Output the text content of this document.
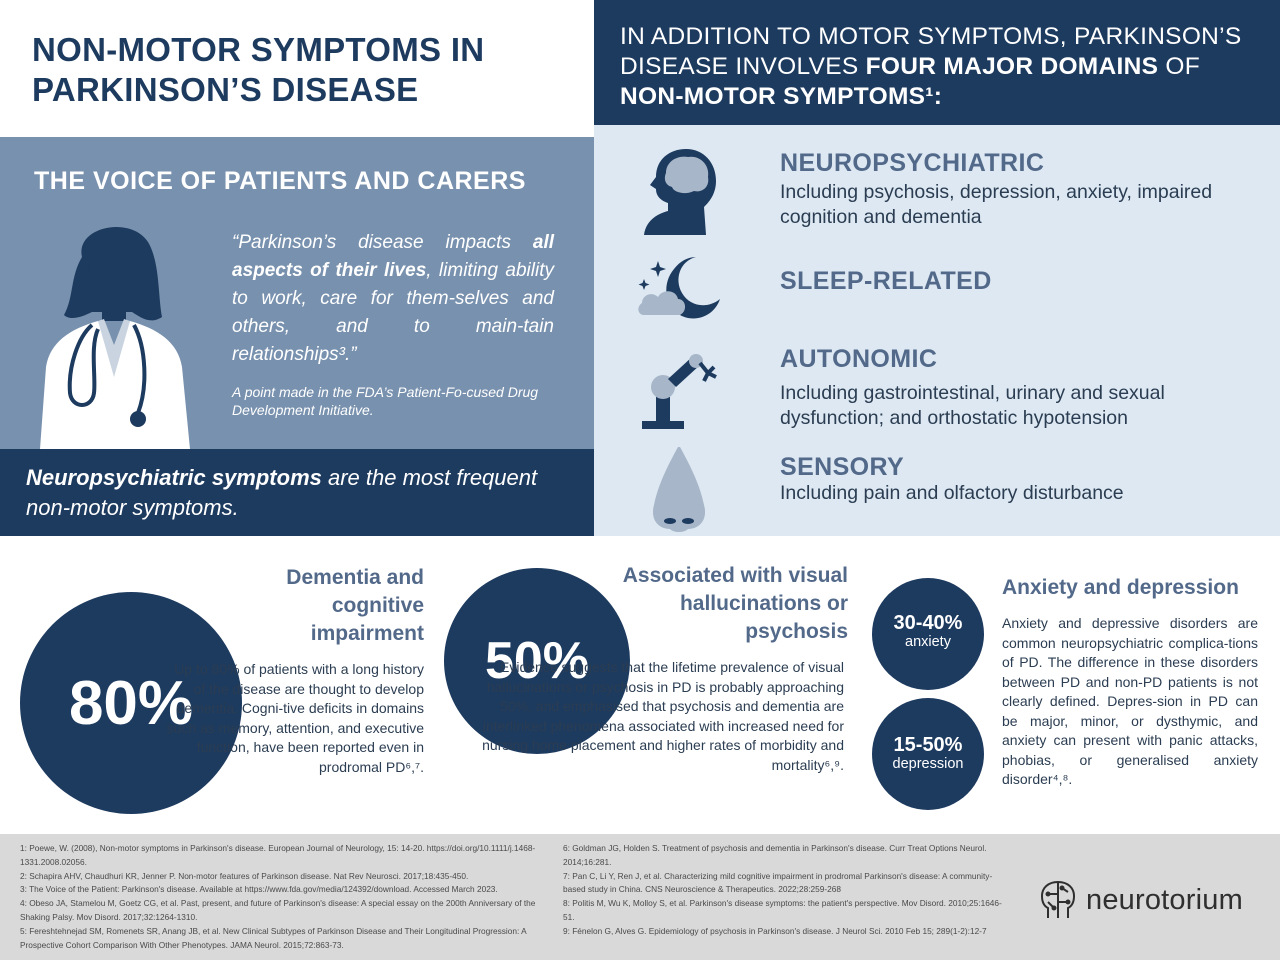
NON-MOTOR SYMPTOMS IN PARKINSON’S DISEASE
IN ADDITION TO MOTOR SYMPTOMS, PARKINSON’S DISEASE INVOLVES FOUR MAJOR DOMAINS OF NON-MOTOR SYMPTOMS¹:
THE VOICE OF PATIENTS AND CARERS
“Parkinson’s disease impacts all aspects of their lives, limiting ability to work, care for them-selves and others, and to main-tain relationships³.”
A point made in the FDA’s Patient-Fo-cused Drug Development Initiative.
Neuropsychiatric symptoms are the most frequent non-motor symptoms.
NEUROPSYCHIATRIC
Including psychosis, depression, anxiety, impaired cognition and dementia
SLEEP-RELATED
AUTONOMIC
Including gastrointestinal, urinary and sexual dysfunction; and orthostatic hypotension
SENSORY
Including pain and olfactory disturbance
80%
Dementia and cognitive impairment
Up to 80% of patients with a long history of the disease are thought to develop dementia. Cogni-tive deficits in domains such as memory, attention, and executive function, have been reported even in prodromal PD⁶,⁷.
50%
Associated with visual hallucinations or psychosis
Evidence suggests that the lifetime prevalence of visual hallucinations or psychosis in PD is probably approaching 50%, and emphasised that psychosis and dementia are interlinked phenomena associated with increased need for nursing home placement and higher rates of morbidity and mortality⁶,⁹.
Anxiety and depression
30-40%
anxiety
15-50%
depression
Anxiety and depressive disorders are common neuropsychiatric complica-tions of PD. The difference in these disorders between PD and non-PD patients is not clearly defined. Depres-sion in PD can be major, minor, or dysthymic, and anxiety can present with panic attacks, phobias, or generalised anxiety disorder⁴,⁸.
1: Poewe, W. (2008), Non-motor symptoms in Parkinson's disease. European Journal of Neurology, 15: 14-20. https://doi.org/10.1111/j.1468-1331.2008.02056.
2: Schapira AHV, Chaudhuri KR, Jenner P. Non-motor features of Parkinson disease. Nat Rev Neurosci. 2017;18:435-450.
3: The Voice of the Patient: Parkinson's disease. Available at https://www.fda.gov/media/124392/download. Accessed March 2023.
4: Obeso JA, Stamelou M, Goetz CG, et al. Past, present, and future of Parkinson's disease: A special essay on the 200th Anniversary of the Shaking Palsy. Mov Disord. 2017;32:1264-1310.
5: Fereshtehnejad SM, Romenets SR, Anang JB, et al. New Clinical Subtypes of Parkinson Disease and Their Longitudinal Progression: A Prospective Cohort Comparison With Other Phenotypes. JAMA Neurol. 2015;72:863-73.
6: Goldman JG, Holden S. Treatment of psychosis and dementia in Parkinson's disease. Curr Treat Options Neurol. 2014;16:281.
7: Pan C, Li Y, Ren J, et al. Characterizing mild cognitive impairment in prodromal Parkinson's disease: A community-based study in China. CNS Neuroscience & Therapeutics. 2022;28:259-268
8: Politis M, Wu K, Molloy S, et al. Parkinson's disease symptoms: the patient's perspective. Mov Disord. 2010;25:1646-51.
9: Fénelon G, Alves G. Epidemiology of psychosis in Parkinson's disease. J Neurol Sci. 2010 Feb 15; 289(1-2):12-7
neurotorium
